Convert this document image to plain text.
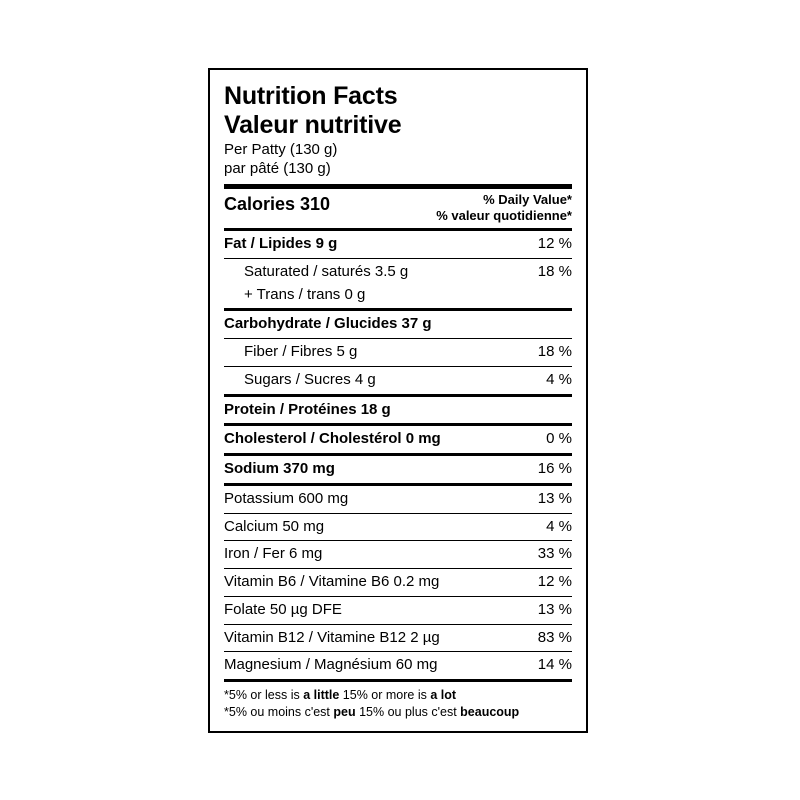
Nutrition Facts
Valeur nutritive
Per Patty (130 g)
par pâté (130 g)
Calories 310	% Daily Value*
% valeur quotidienne*
Fat / Lipides 9 g	12 %
Saturated / saturés 3.5 g	18 %
+ Trans / trans 0 g
Carbohydrate / Glucides 37 g
Fiber / Fibres 5 g	18 %
Sugars / Sucres 4 g	4 %
Protein / Protéines 18 g
Cholesterol / Cholestérol 0 mg	0 %
Sodium 370 mg	16 %
Potassium 600 mg	13 %
Calcium 50 mg	4 %
Iron / Fer 6 mg	33 %
Vitamin B6 / Vitamine B6 0.2 mg	12 %
Folate 50 µg DFE	13 %
Vitamin B12 / Vitamine B12 2 µg	83 %
Magnesium / Magnésium 60 mg	14 %
*5% or less is a little 15% or more is a lot
*5% ou moins c'est peu 15% ou plus c'est beaucoup
